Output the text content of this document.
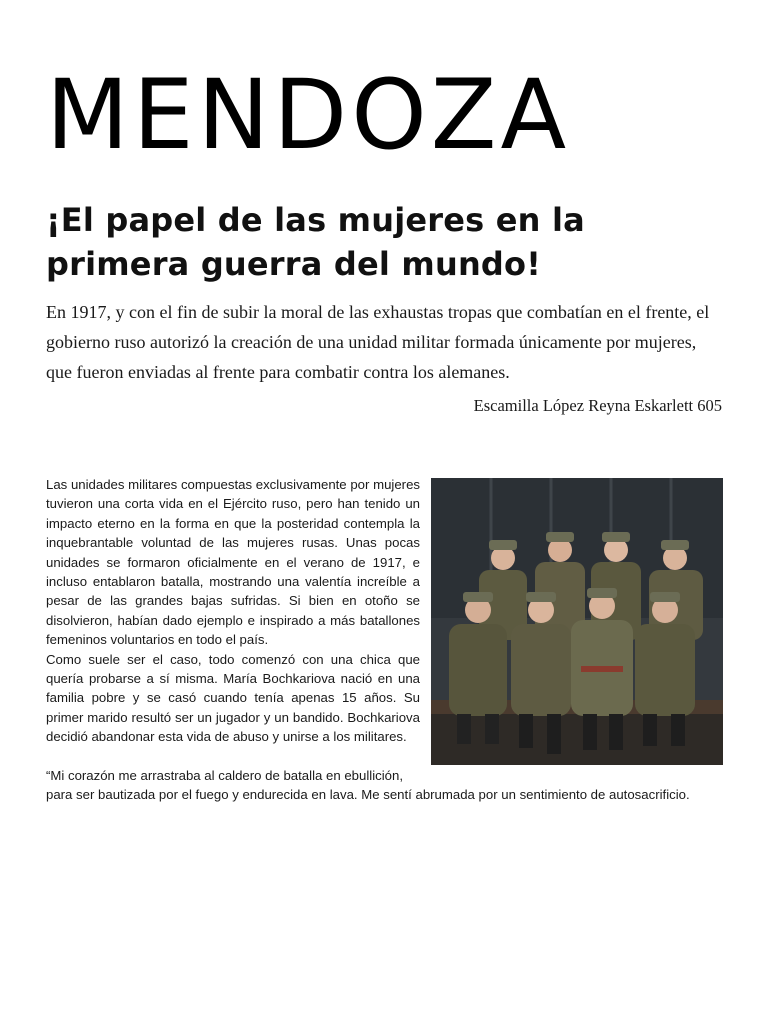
MENDOZA
¡El papel de las mujeres en la
primera guerra del mundo!
En 1917, y con el fin de subir la moral de las exhaustas tropas que combatían en el frente, el gobierno ruso autorizó la creación de una unidad militar formada únicamente por mujeres, que fueron enviadas al frente para combatir contra los alemanes.
Escamilla López Reyna Eskarlett 605

Las unidades militares compuestas exclusivamente por mujeres tuvieron una corta vida en el Ejército ruso, pero han tenido un impacto eterno en la forma en que la posteridad contempla la inquebrantable voluntad de las mujeres rusas. Unas pocas unidades se formaron oficialmente en el verano de 1917, e incluso entablaron batalla, mostrando una valentía increíble a pesar de las grandes bajas sufridas. Si bien en otoño se disolvieron, habían dado ejemplo e inspirado a más batallones femeninos voluntarios en todo el país.

Como suele ser el caso, todo comenzó con una chica que quería probarse a sí misma. María Bochkariova nació en una familia pobre y se casó cuando tenía apenas 15 años. Su primer marido resultó ser un jugador y un bandido. Bochkariova decidió abandonar esta vida de abuso y unirse a los militares.

“Mi corazón me arrastraba al caldero de batalla en ebullición,

para ser bautizada por el fuego y endurecida en lava. Me sentí abrumada por un sentimiento de autosacrificio.
